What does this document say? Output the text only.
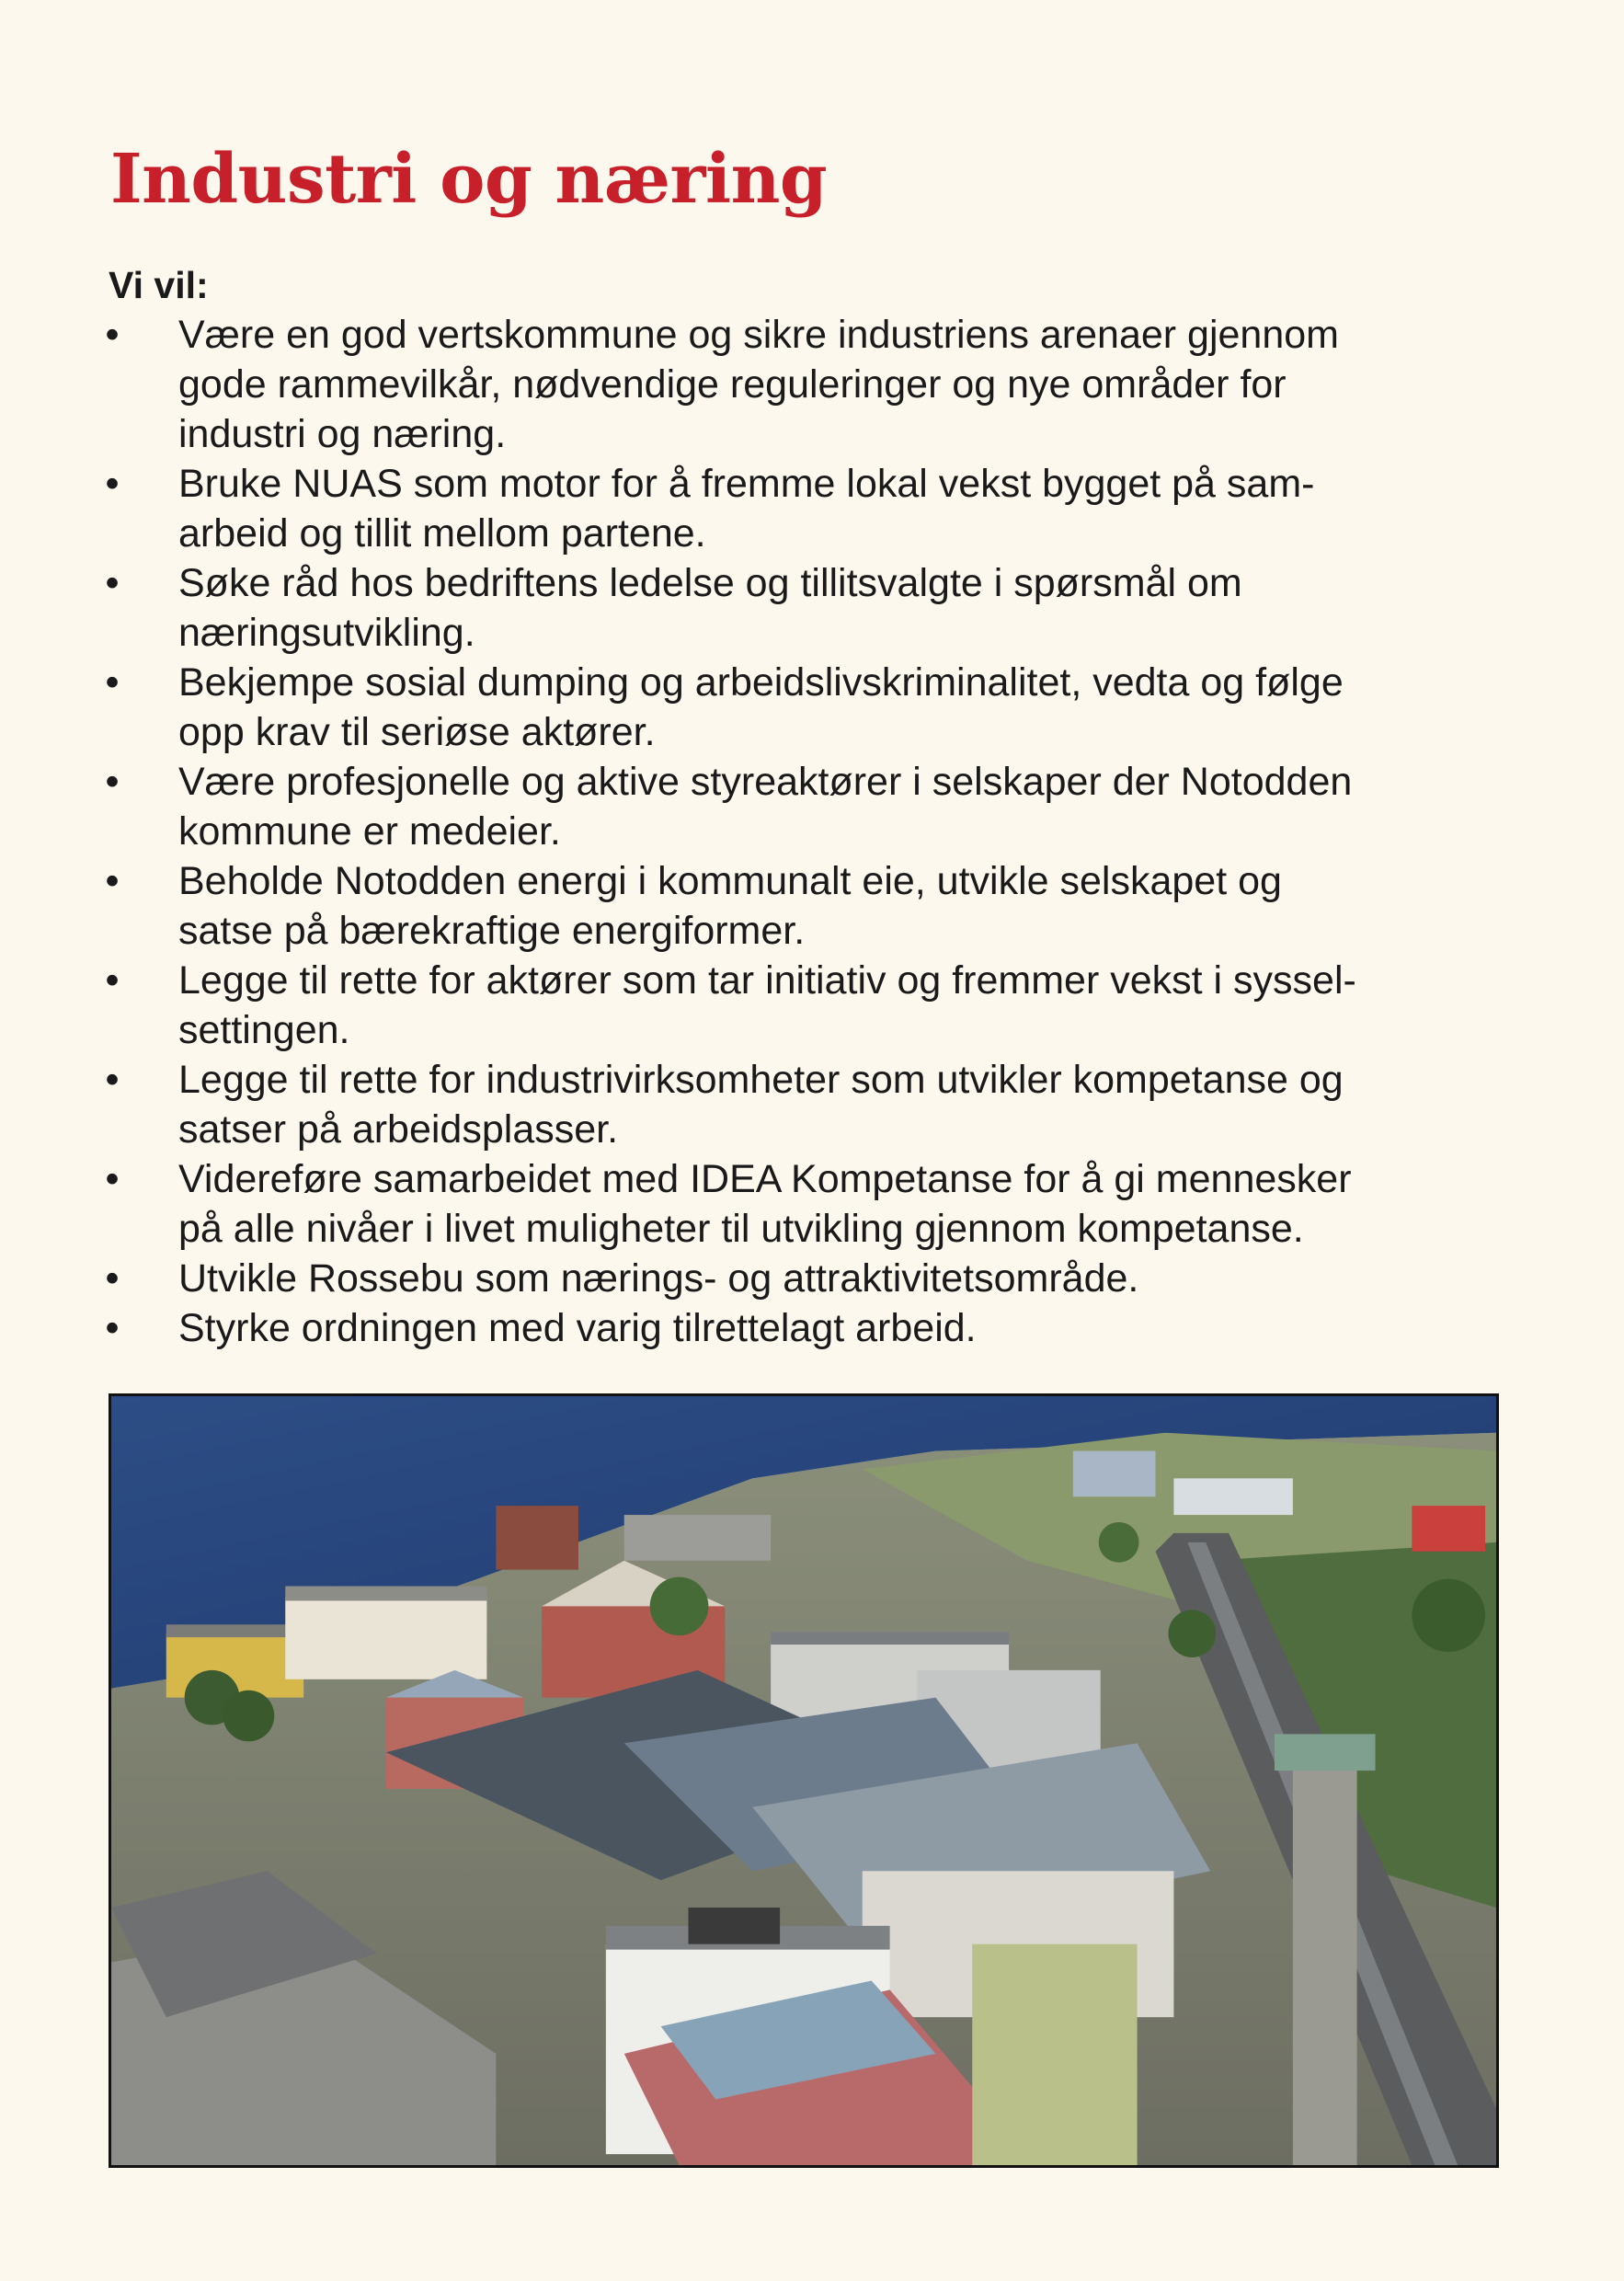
Industri og næring

Vi vil:

• Være en god vertskommune og sikre industriens arenaer gjennom
gode rammevilkår, nødvendige reguleringer og nye områder for
industri og næring.
• Bruke NUAS som motor for å fremme lokal vekst bygget på sam-
arbeid og tillit mellom partene.
• Søke råd hos bedriftens ledelse og tillitsvalgte i spørsmål om
næringsutvikling.
• Bekjempe sosial dumping og arbeidslivskriminalitet, vedta og følge
opp krav til seriøse aktører.
• Være profesjonelle og aktive styreaktører i selskaper der Notodden
kommune er medeier.
• Beholde Notodden energi i kommunalt eie, utvikle selskapet og
satse på bærekraftige energiformer.
• Legge til rette for aktører som tar initiativ og fremmer vekst i syssel-
settingen.
• Legge til rette for industrivirksomheter som utvikler kompetanse og
satser på arbeidsplasser.
• Videreføre samarbeidet med IDEA Kompetanse for å gi mennesker
på alle nivåer i livet muligheter til utvikling gjennom kompetanse.
• Utvikle Rossebu som nærings- og attraktivitetsområde.
• Styrke ordningen med varig tilrettelagt arbeid.
